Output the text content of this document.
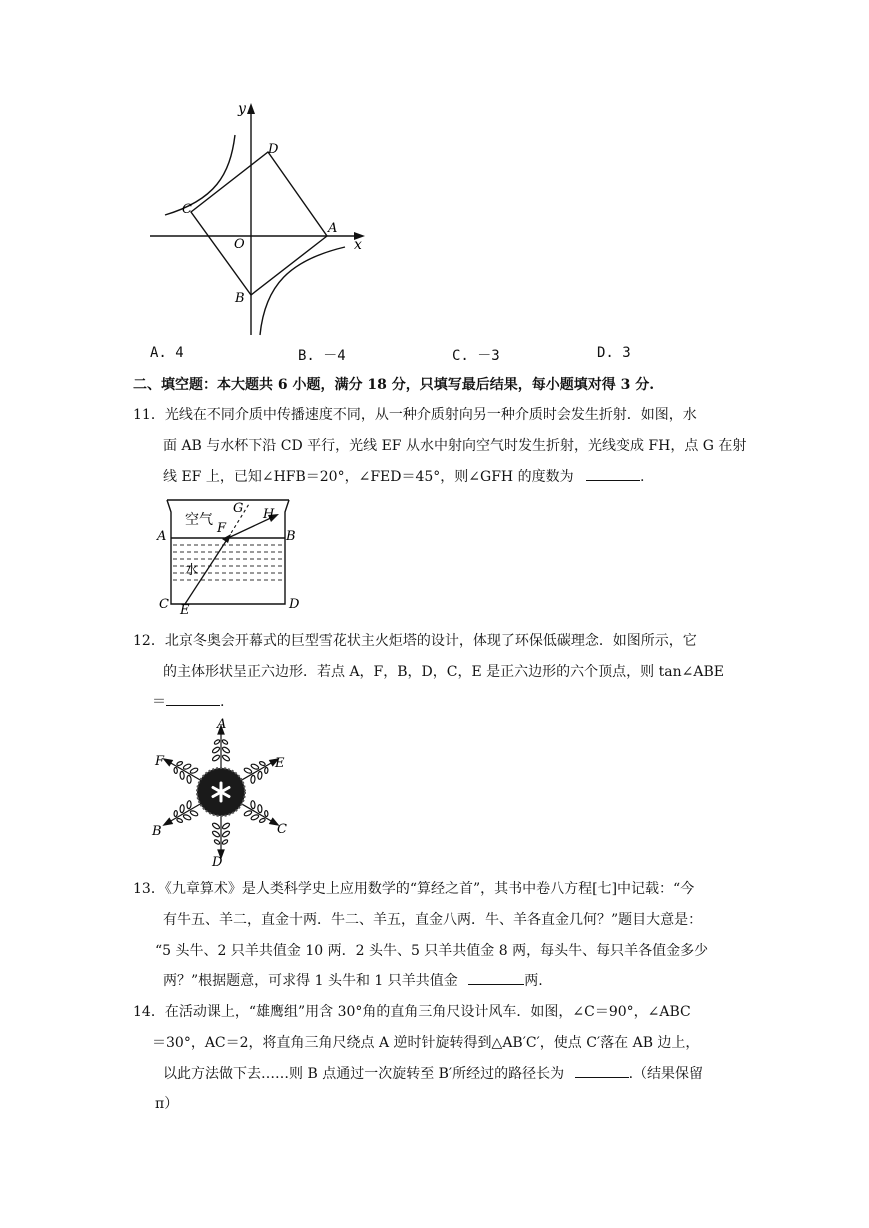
y
x
O
A
B
C
D
A. 4	B. －4	C. －3	D. 3
二、填空题：本大题共 6 小题，满分 18 分，只填写最后结果，每小题填对得 3 分.
11．光线在不同介质中传播速度不同，从一种介质射向另一种介质时会发生折射．如图，水
面 AB 与水杯下沿 CD 平行，光线 EF 从水中射向空气时发生折射，光线变成 FH，点 G 在射
线 EF 上，已知∠HFB＝20°，∠FED＝45°，则∠GFH 的度数为	.
空气
水
A	B
C	D
E
F
G H
12．北京冬奥会开幕式的巨型雪花状主火炬塔的设计，体现了环保低碳理念．如图所示，它
的主体形状呈正六边形．若点 A，F，B，D，C，E 是正六边形的六个顶点，则 tan∠ABE
＝	.
A
F	E
B	C
D
13．《九章算术》是人类科学史上应用数学的“算经之首”，其书中卷八方程[七]中记载：“今
有牛五、羊二，直金十两．牛二、羊五，直金八两．牛、羊各直金几何？”题目大意是：
“5 头牛、2 只羊共值金 10 两．2 头牛、5 只羊共值金 8 两，每头牛、每只羊各值金多少
两？”根据题意，可求得 1 头牛和 1 只羊共值金	两.
14．在活动课上，“雄鹰组”用含 30°角的直角三角尺设计风车．如图，∠C＝90°，∠ABC
＝30°，AC＝2，将直角三角尺绕点 A 逆时针旋转得到△AB′C′，使点 C′落在 AB 边上，
以此方法做下去……则 B 点通过一次旋转至 B′所经过的路径长为	.（结果保留
π）
